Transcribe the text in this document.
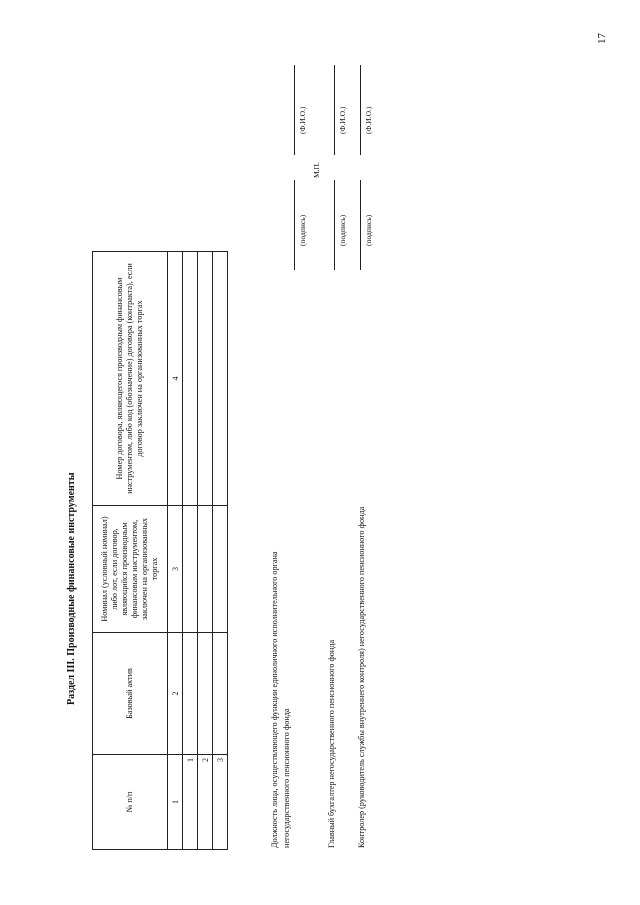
17
Раздел III. Производные финансовые инструменты
№ п/п	Базовый актив	Номинал (условный номинал) либо лот, если договор, являющийся производным финансовым инструментом, заключен на организованных торгах	Номер договора, являющегося производным финансовым инструментом, либо код (обозначение) договора (контракта), если договор заключен на организованных торгах
1	2	3	4
1			
2			
3				Должность лица, осуществляющего функции единоличного исполнительного органа негосударственного пенсионного фонда	Главный бухгалтер негосударственного пенсионного фонда	Контролер (руководитель службы внутреннего контроля) негосударственного пенсионного фонда
(подпись)
(Ф.И.О.)
М.П.
(подпись)
(Ф.И.О.)
(подпись)
(Ф.И.О.)
